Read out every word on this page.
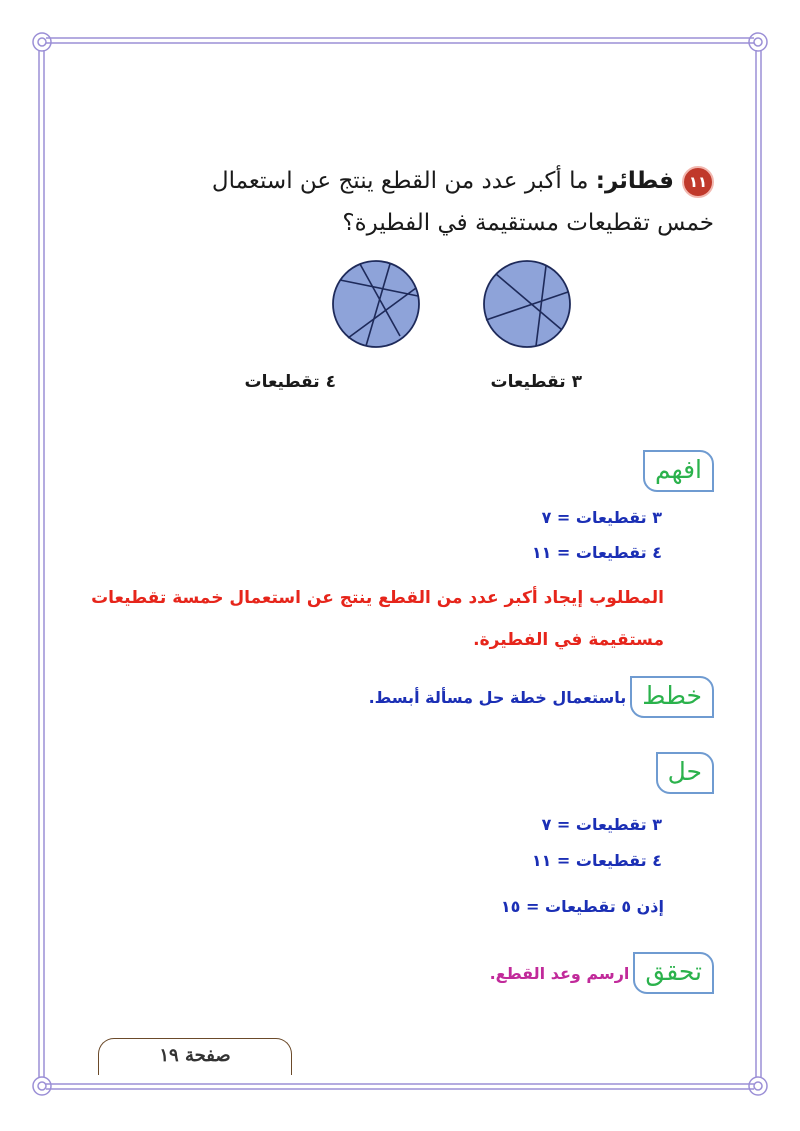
١١فطائر: ما أكبر عدد من القطع ينتج عن استعمال
خمس تقطيعات مستقيمة في الفطيرة؟
٤ تقطيعات	٣ تقطيعات
افهم
٣ تقطيعات = ٧
٤ تقطيعات = ١١
المطلوب إيجاد أكبر عدد من القطع ينتج عن استعمال خمسة تقطيعات
مستقيمة في الفطيرة.
خططباستعمال خطة حل مسألة أبسط.
حل
٣ تقطيعات = ٧
٤ تقطيعات = ١١
إذن ٥ تقطيعات = ١٥
تحققارسم وعد القطع.
صفحة ١٩
